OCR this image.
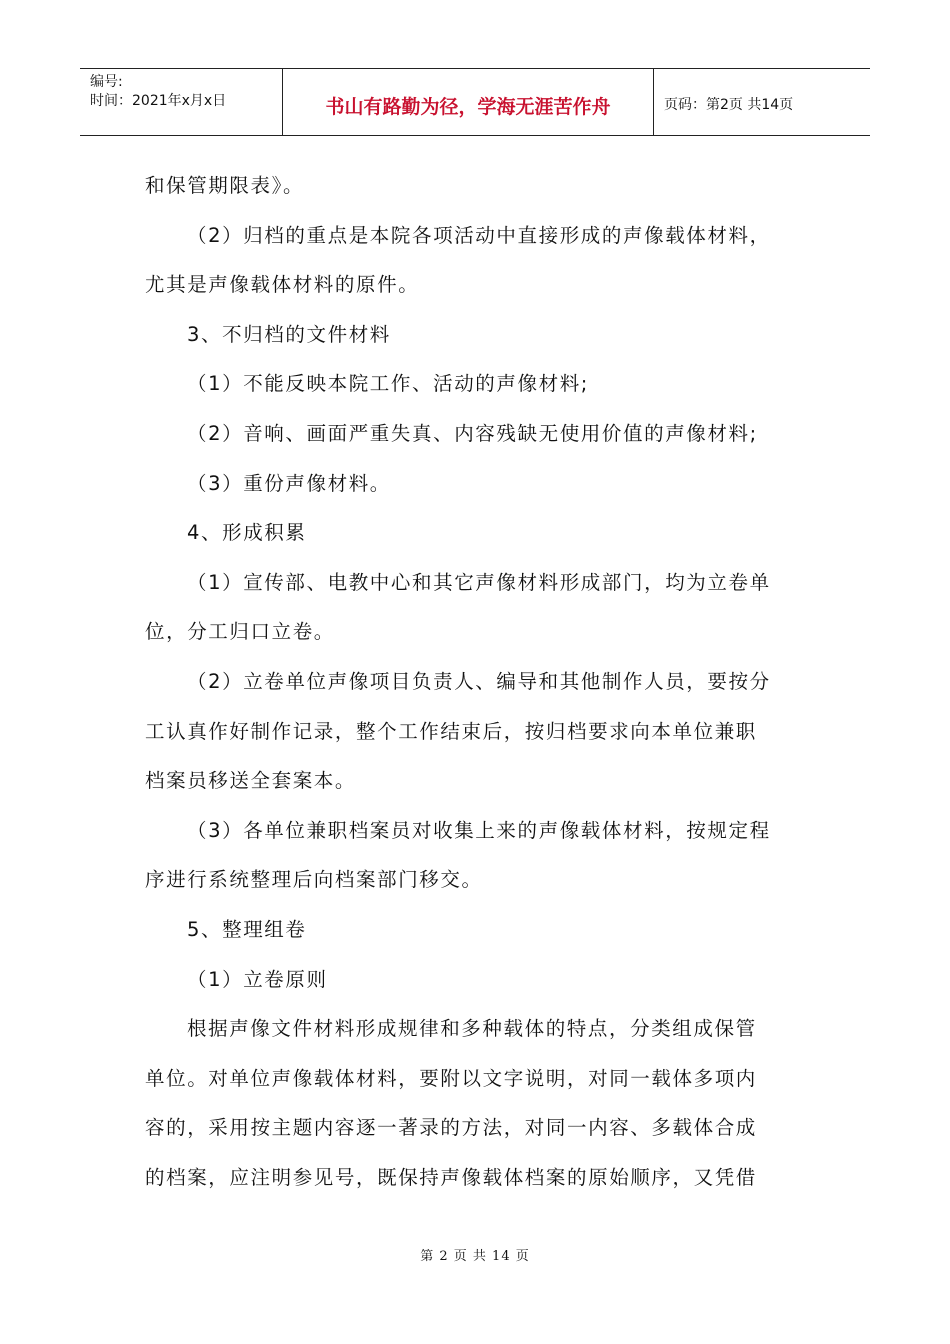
编号:
时间：2021年x月x日	书山有路勤为径，学海无涯苦作舟	页码：第2页 共14页

和保管期限表》。

（2）归档的重点是本院各项活动中直接形成的声像载体材料，

尤其是声像载体材料的原件。

3、不归档的文件材料

（1）不能反映本院工作、活动的声像材料;

（2）音响、画面严重失真、内容残缺无使用价值的声像材料;

（3）重份声像材料。

4、形成积累

（1）宣传部、电教中心和其它声像材料形成部门，均为立卷单

位，分工归口立卷。

（2）立卷单位声像项目负责人、编导和其他制作人员，要按分

工认真作好制作记录，整个工作结束后，按归档要求向本单位兼职

档案员移送全套案本。

（3）各单位兼职档案员对收集上来的声像载体材料，按规定程

序进行系统整理后向档案部门移交。

5、整理组卷

（1）立卷原则

根据声像文件材料形成规律和多种载体的特点，分类组成保管

单位。对单位声像载体材料，要附以文字说明，对同一载体多项内

容的，采用按主题内容逐一著录的方法，对同一内容、多载体合成

的档案，应注明参见号，既保持声像载体档案的原始顺序，又凭借

第 2 页 共 14 页
